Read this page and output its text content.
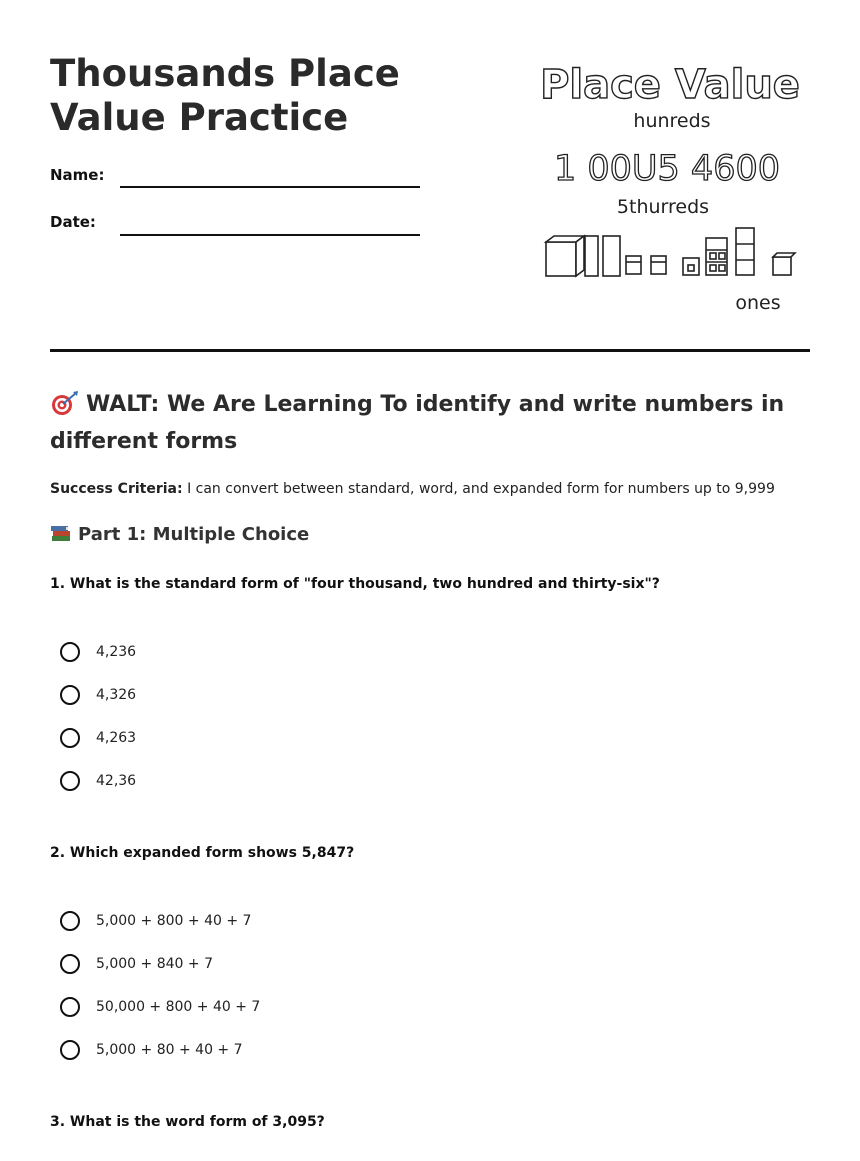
Thousands Place Value Practice
Name:
Date:
Place Value
hunreds
1 00U5 4600
5thurreds
ones
WALT: We Are Learning To identify and write numbers in different forms
Success Criteria: I can convert between standard, word, and expanded form for numbers up to 9,999
Part 1: Multiple Choice
1. What is the standard form of "four thousand, two hundred and thirty-six"?
4,236
4,326
4,263
42,36
2. Which expanded form shows 5,847?
5,000 + 800 + 40 + 7
5,000 + 840 + 7
50,000 + 800 + 40 + 7
5,000 + 80 + 40 + 7
3. What is the word form of 3,095?
